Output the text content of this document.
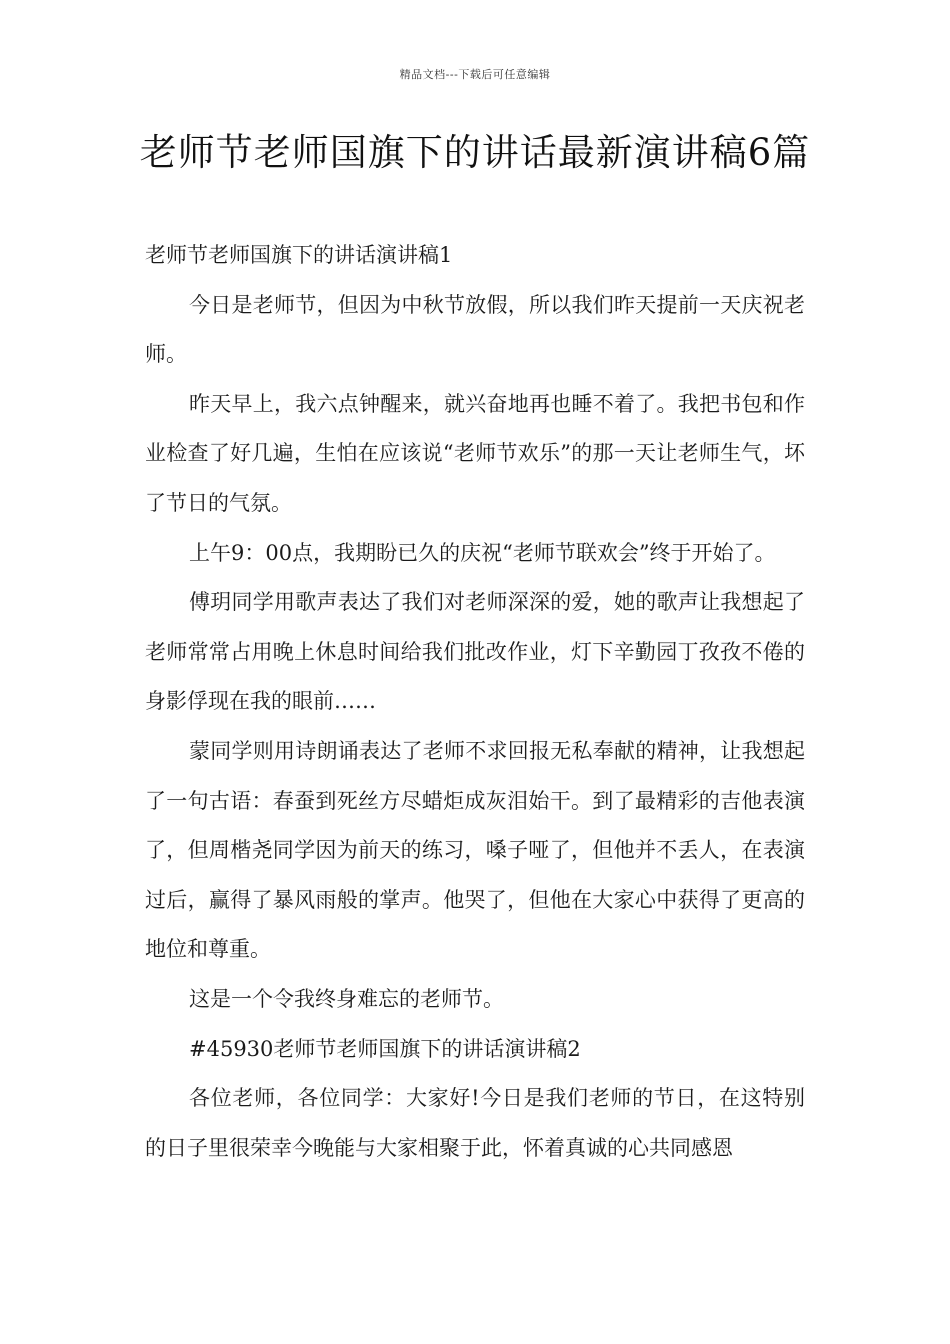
精品文档---下载后可任意编辑
老师节老师国旗下的讲话最新演讲稿6篇

老师节老师国旗下的讲话演讲稿1

今日是老师节，但因为中秋节放假，所以我们昨天提前一天庆祝老师。

昨天早上，我六点钟醒来，就兴奋地再也睡不着了。我把书包和作业检查了好几遍，生怕在应该说“老师节欢乐”的那一天让老师生气，坏了节日的气氛。

上午9：00点，我期盼已久的庆祝“老师节联欢会”终于开始了。

傅玥同学用歌声表达了我们对老师深深的爱，她的歌声让我想起了老师常常占用晚上休息时间给我们批改作业，灯下辛勤园丁孜孜不倦的身影俘现在我的眼前……

蒙同学则用诗朗诵表达了老师不求回报无私奉献的精神，让我想起了一句古语：春蚕到死丝方尽蜡炬成灰泪始干。到了最精彩的吉他表演了，但周楷尧同学因为前天的练习，嗓子哑了，但他并不丢人，在表演过后，赢得了暴风雨般的掌声。他哭了，但他在大家心中获得了更高的地位和尊重。

这是一个令我终身难忘的老师节。

#45930老师节老师国旗下的讲话演讲稿2

各位老师，各位同学：大家好!今日是我们老师的节日，在这特别的日子里很荣幸今晚能与大家相聚于此，怀着真诚的心共同感恩
